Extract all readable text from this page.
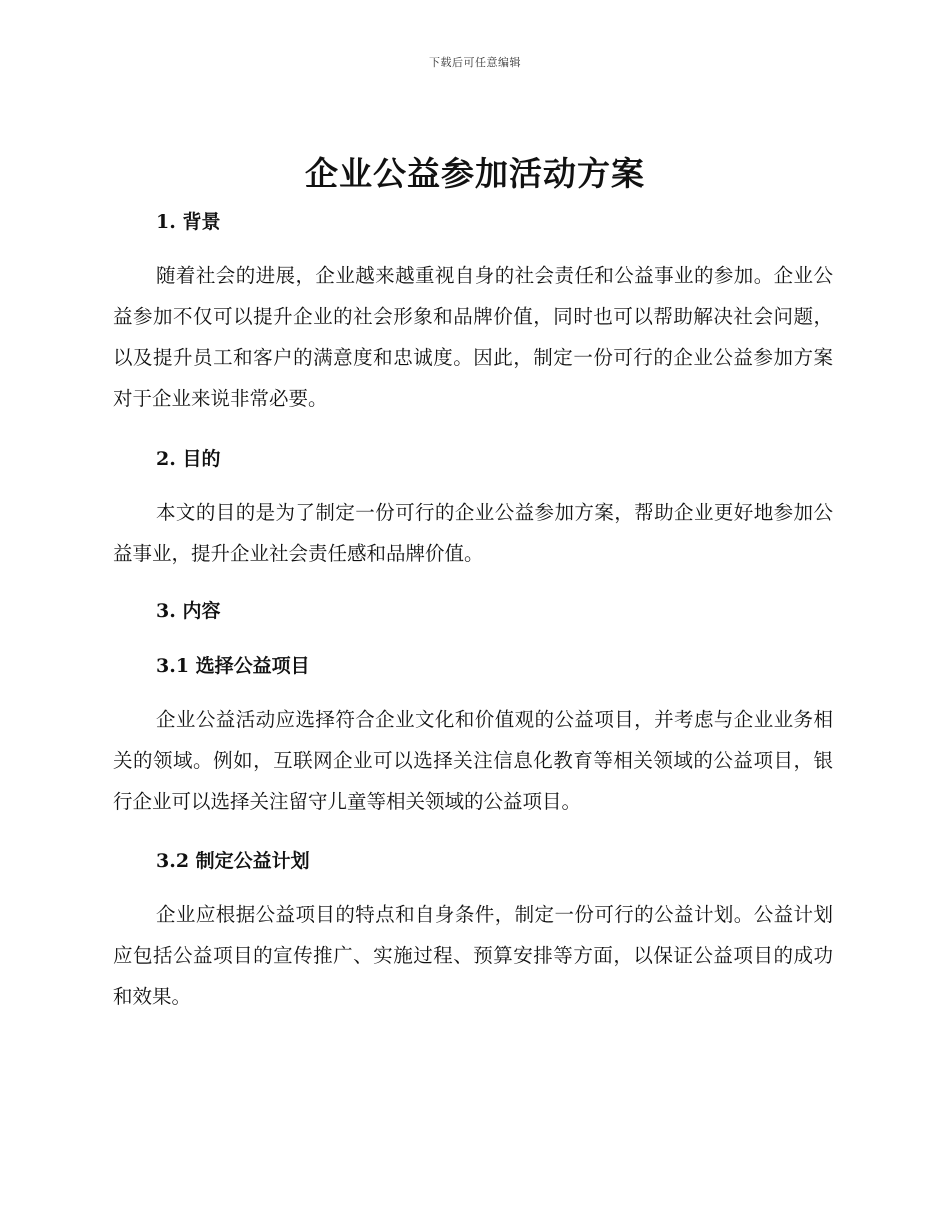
下载后可任意编辑
企业公益参加活动方案
1. 背景

随着社会的进展，企业越来越重视自身的社会责任和公益事业的参加。企业公益参加不仅可以提升企业的社会形象和品牌价值，同时也可以帮助解决社会问题，以及提升员工和客户的满意度和忠诚度。因此，制定一份可行的企业公益参加方案对于企业来说非常必要。

2. 目的

本文的目的是为了制定一份可行的企业公益参加方案，帮助企业更好地参加公益事业，提升企业社会责任感和品牌价值。

3. 内容
3.1 选择公益项目

企业公益活动应选择符合企业文化和价值观的公益项目，并考虑与企业业务相关的领域。例如，互联网企业可以选择关注信息化教育等相关领域的公益项目，银行企业可以选择关注留守儿童等相关领域的公益项目。

3.2 制定公益计划

企业应根据公益项目的特点和自身条件，制定一份可行的公益计划。公益计划应包括公益项目的宣传推广、实施过程、预算安排等方面，以保证公益项目的成功和效果。
